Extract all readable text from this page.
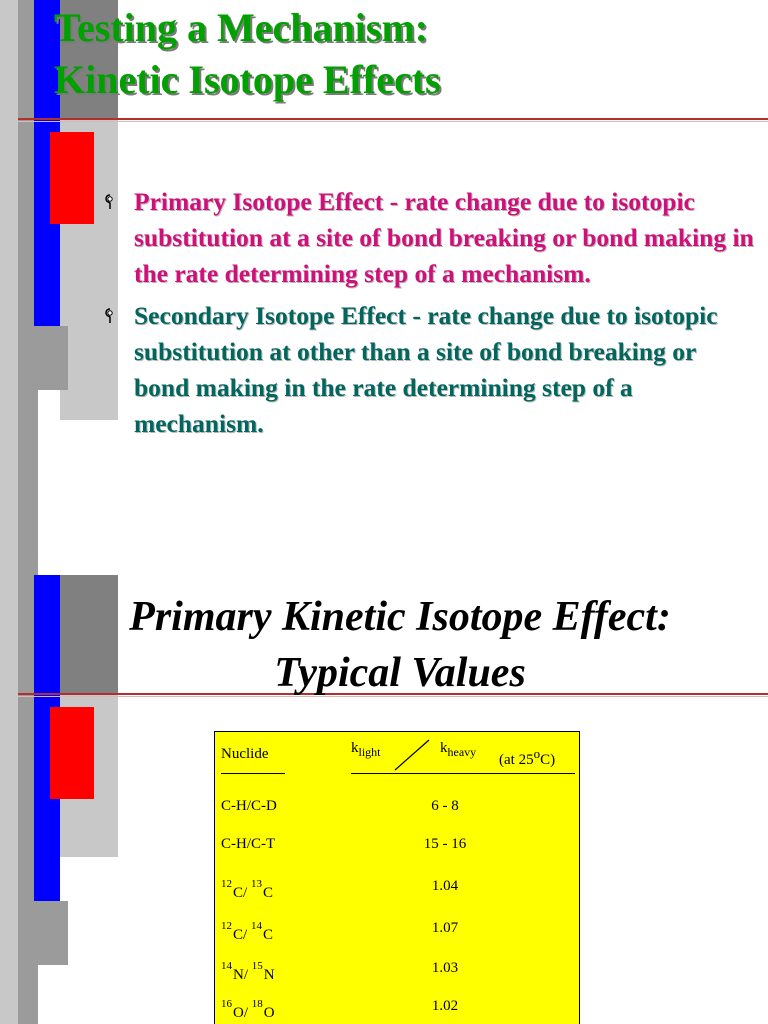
Testing a Mechanism:
Kinetic Isotope Effects
Primary Isotope Effect - rate change due to isotopic substitution at a site of bond breaking or bond making in the rate determining step of a mechanism.
Secondary Isotope Effect - rate change due to isotopic substitution at other than a site of bond breaking or bond making in the rate determining step of a mechanism.
Primary Kinetic Isotope Effect:
Typical Values
Nuclide	$k_{light}$	$k_{heavy}$ (at 25$^o$C)
C-H/C-D	6 - 8
C-H/C-T	15 - 16
$^{12}$C/ $^{13}$C	1.04
$^{12}$C/ $^{14}$C	1.07
$^{14}$N/ $^{15}$N	1.03
$^{16}$O/ $^{18}$O	1.02
